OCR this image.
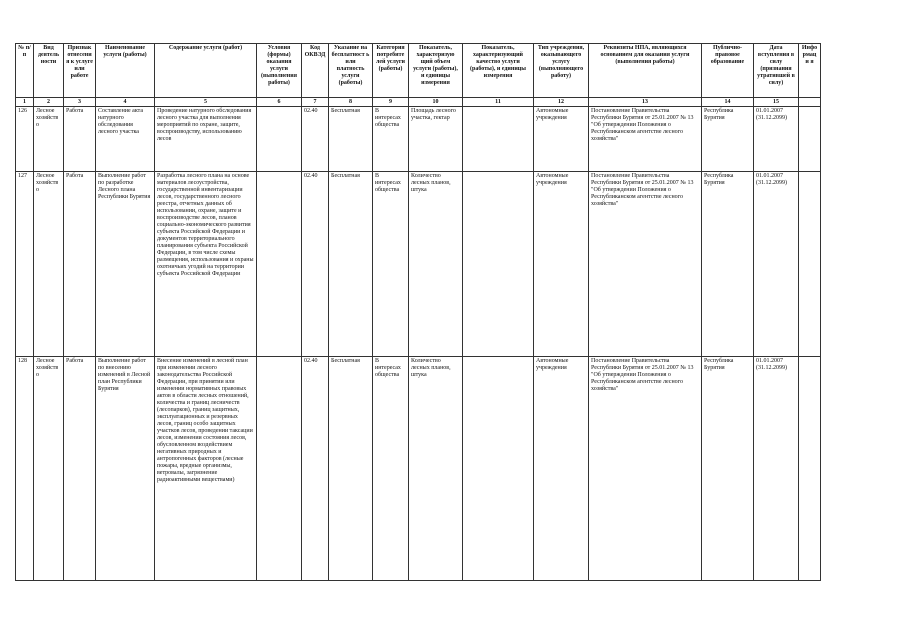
№ п/п	Вид деятель ности	Признак отнесени я к услуге или работе	Наименование услуги (работы)	Содержание услуги (работ)	Условия (формы) оказания услуги (выполнения работы)	Код ОКВЭД	Указание на бесплатност ь или платность услуги (работы)	Категория потребите лей услуги (работы)	Показатель, характеризую щий объем услуги (работы), и единицы измерения	Показатель, характеризующий качество услуги (работы), и единицы измерения	Тип учреждения, оказывающего услугу (выполняющего работу)	Реквизиты НПА, являющихся основанием для оказания услуги (выполнения работы)	Публично-правовое образование	Дата вступления в силу (признания утратившей в силу)	Инфо рмаци я
1	2	3	4	5	6	7	8	9	10	11	12	13	14	15	
126	Лесное хозяйств о	Работа	Составление акта натурного обследования лесного участка	Проведение натурного обследования лесного участка для выполнения мероприятий по охране, защите, воспроизводству, использованию лесов		02.40	Бесплатная	В интересах общества	Площадь лесного участка, гектар		Автономные учреждения	Постановление Правительства Республики Бурятия от 25.01.2007 № 13 "Об утверждении Положения о Республиканском агентстве лесного хозяйства"	Республика Бурятия	01.01.2007 (31.12.2099)	
127	Лесное хозяйств о	Работа	Выполнение работ по разработке Лесного плана Республики Бурятия	Разработка лесного плана на основе материалов лесоустройства, государственной инвентаризации лесов, государственного лесного реестра, отчетных данных об использовании, охране, защите и воспроизводстве лесов, планов социально-экономического развития субъекта Российской Федерации и документов территориального планирования субъекта Российской Федерации, в том числе схемы размещения, использования и охраны охотничьих угодий на территории субъекта Российской Федерации		02.40	Бесплатная	В интересах общества	Количество лесных планов, штука		Автономные учреждения	Постановление Правительства Республики Бурятия от 25.01.2007 № 13 "Об утверждении Положения о Республиканском агентстве лесного хозяйства"	Республика Бурятия	01.01.2007 (31.12.2099)	
128	Лесное хозяйств о	Работа	Выполнение работ по внесению изменений в Лесной план Республики Бурятия	Внесение изменений в лесной план при изменении лесного законодательства Российской Федерации, при принятии или изменении нормативных правовых актов в области лесных отношений, количества и границ лесничеств (лесопарков), границ защитных, эксплуатационных и резервных лесов, границ особо защитных участков лесов, проведении таксации лесов, изменении состояния лесов, обусловленном воздействием негативных природных и антропогенных факторов (лесные пожары, вредные организмы, ветровалы, загрязнение радиоактивными веществами)		02.40	Бесплатная	В интересах общества	Количество лесных планов, штука		Автономные учреждения	Постановление Правительства Республики Бурятия от 25.01.2007 № 13 "Об утверждении Положения о Республиканском агентстве лесного хозяйства"	Республика Бурятия	01.01.2007 (31.12.2099)	
